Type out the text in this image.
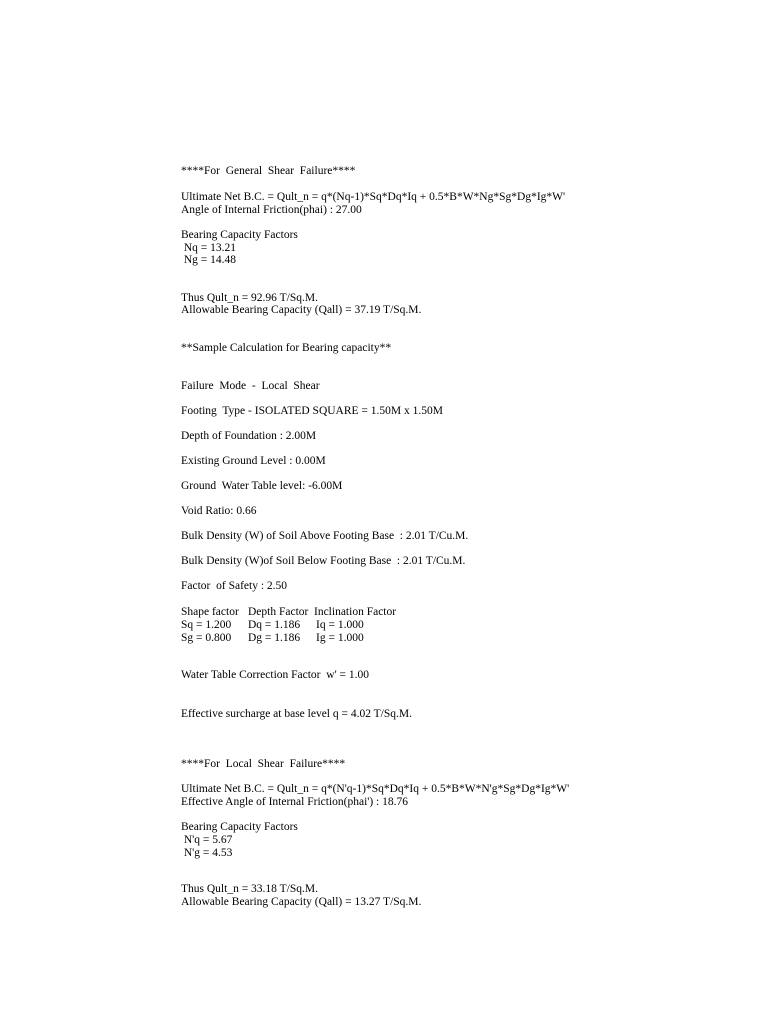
****For  General  Shear  Failure****
Ultimate Net B.C. = Qult_n = q*(Nq-1)*Sq*Dq*Iq + 0.5*B*W*Ng*Sg*Dg*Ig*W'
Angle of Internal Friction(phai) : 27.00
Bearing Capacity Factors
Nq = 13.21
Ng = 14.48
Thus Qult_n = 92.96 T/Sq.M.
Allowable Bearing Capacity (Qall) = 37.19 T/Sq.M.
**Sample Calculation for Bearing capacity**
Failure  Mode  -  Local  Shear
Footing  Type - ISOLATED SQUARE = 1.50M x 1.50M
Depth of Foundation : 2.00M
Existing Ground Level : 0.00M
Ground  Water Table level: -6.00M
Void Ratio: 0.66
Bulk Density (W) of Soil Above Footing Base  : 2.01 T/Cu.M.
Bulk Density (W)of Soil Below Footing Base  : 2.01 T/Cu.M.
Factor  of Safety : 2.50
Shape factor Depth Factor Inclination Factor
Sq = 1.200 Dq = 1.186 Iq = 1.000
Sg = 0.800 Dg = 1.186 Ig = 1.000
Water Table Correction Factor  w' = 1.00
Effective surcharge at base level q = 4.02 T/Sq.M.
****For  Local  Shear  Failure****
Ultimate Net B.C. = Qult_n = q*(N'q-1)*Sq*Dq*Iq + 0.5*B*W*N'g*Sg*Dg*Ig*W'
Effective Angle of Internal Friction(phai') : 18.76
Bearing Capacity Factors
N'q = 5.67
N'g = 4.53
Thus Qult_n = 33.18 T/Sq.M.
Allowable Bearing Capacity (Qall) = 13.27 T/Sq.M.
